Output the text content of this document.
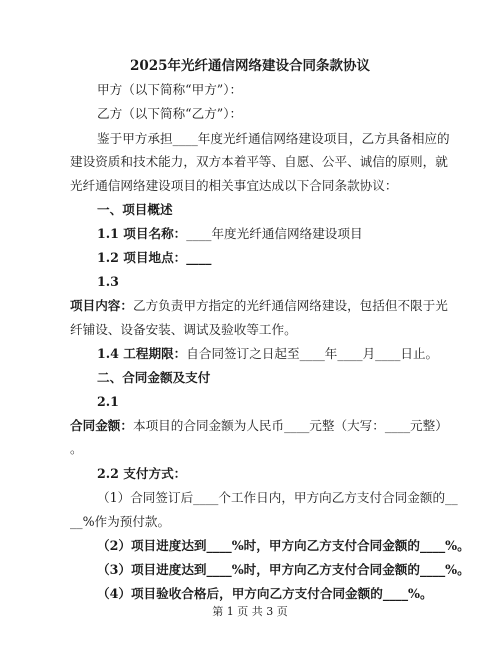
2025年光纤通信网络建设合同条款协议
甲方（以下简称“甲方”）：
乙方（以下简称“乙方”）：
鉴于甲方承担____年度光纤通信网络建设项目，乙方具备相应的
建设资质和技术能力，双方本着平等、自愿、公平、诚信的原则，就
光纤通信网络建设项目的相关事宜达成以下合同条款协议：
一、项目概述
1.1 项目名称：____年度光纤通信网络建设项目
1.2 项目地点：____
1.3
项目内容：乙方负责甲方指定的光纤通信网络建设，包括但不限于光
纤铺设、设备安装、调试及验收等工作。
1.4 工程期限：自合同签订之日起至____年____月____日止。
二、合同金额及支付
2.1
合同金额：本项目的合同金额为人民币____元整（大写：____元整）
。
2.2 支付方式：
（1）合同签订后____个工作日内，甲方向乙方支付合同金额的__
__%作为预付款。
（2）项目进度达到____%时，甲方向乙方支付合同金额的____%。
（3）项目进度达到____%时，甲方向乙方支付合同金额的____%。
（4）项目验收合格后，甲方向乙方支付合同金额的____%。
第 1 页 共 3 页
